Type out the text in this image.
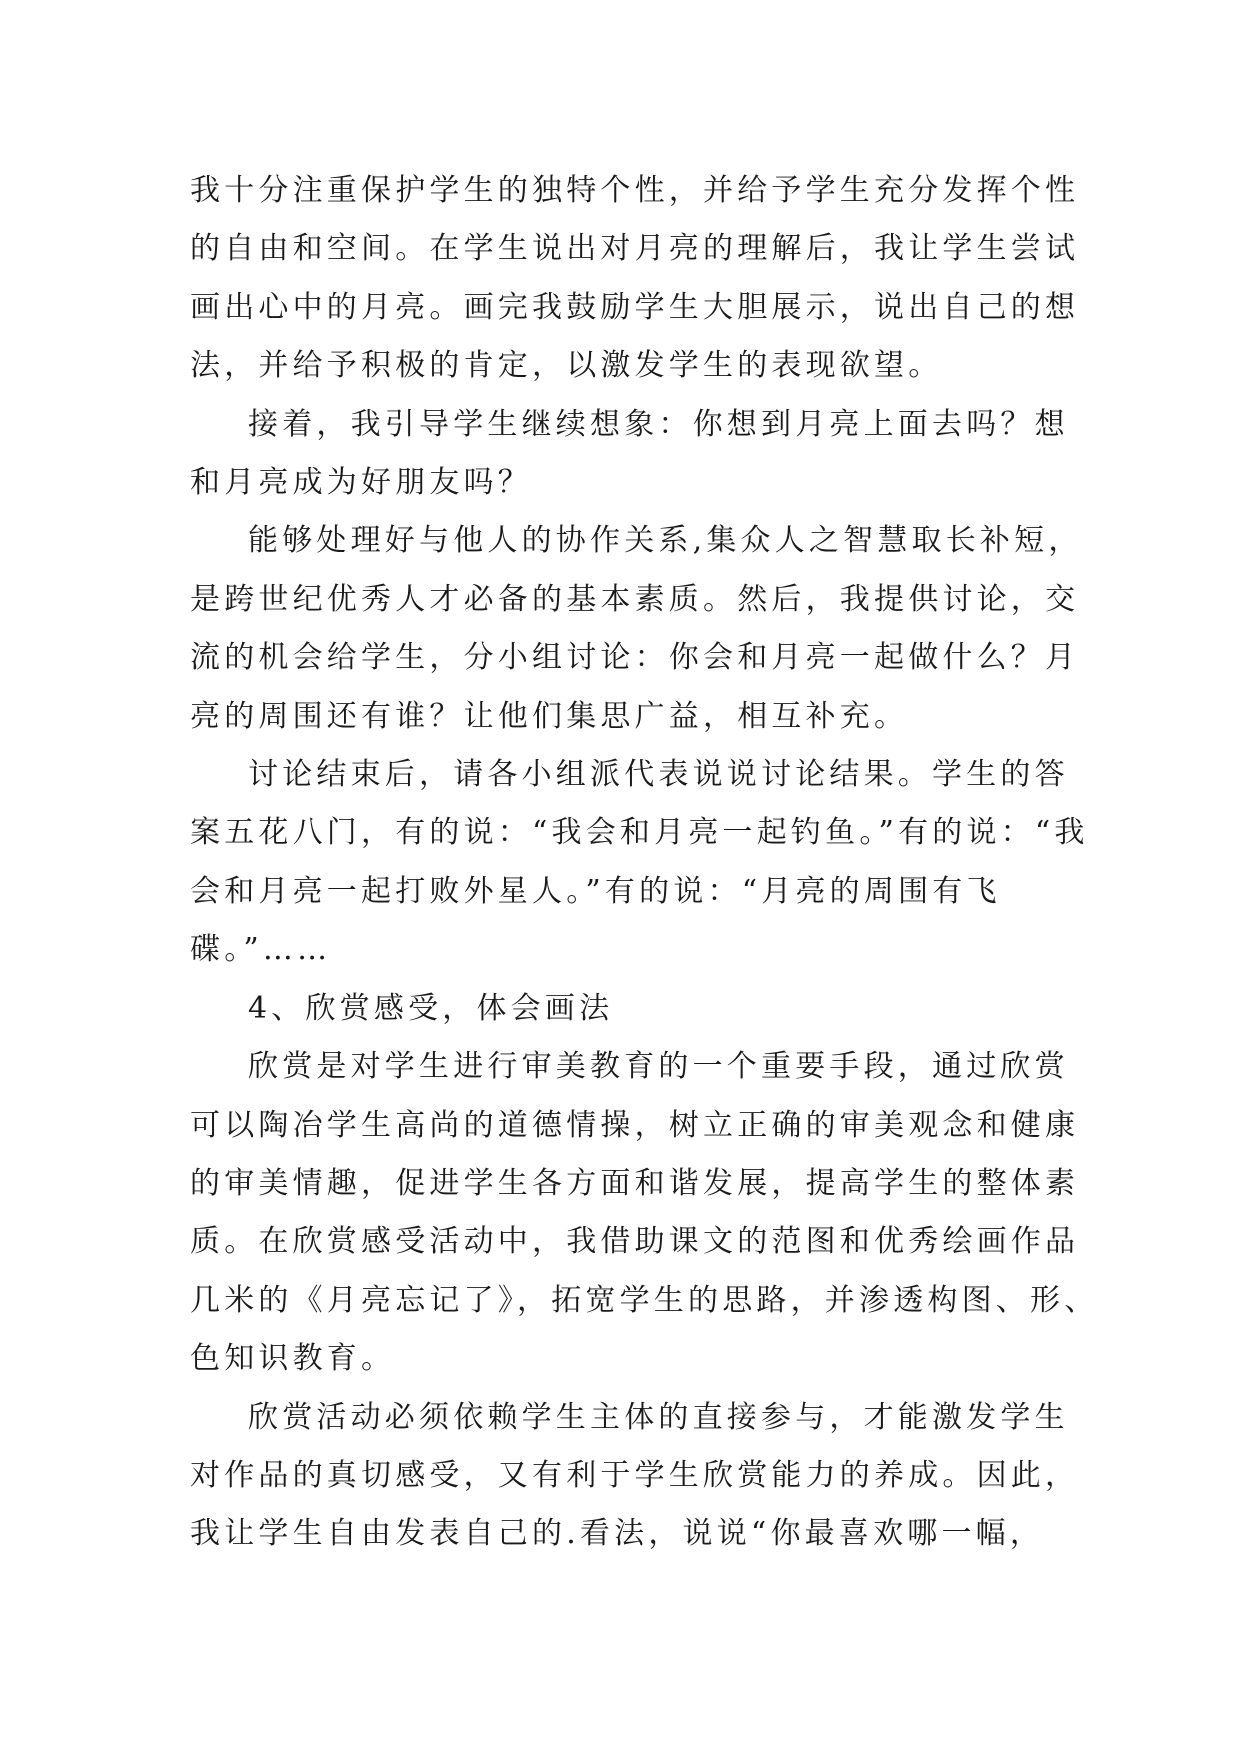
我十分注重保护学生的独特个性，并给予学生充分发挥个性
的自由和空间。在学生说出对月亮的理解后，我让学生尝试
画出心中的月亮。画完我鼓励学生大胆展示，说出自己的想
法，并给予积极的肯定，以激发学生的表现欲望。

接着，我引导学生继续想象：你想到月亮上面去吗？想
和月亮成为好朋友吗？

能够处理好与他人的协作关系,集众人之智慧取长补短，
是跨世纪优秀人才必备的基本素质。然后，我提供讨论，交
流的机会给学生，分小组讨论：你会和月亮一起做什么？月
亮的周围还有谁？让他们集思广益，相互补充。

讨论结束后，请各小组派代表说说讨论结果。学生的答
案五花八门，有的说：“我会和月亮一起钓鱼。”有的说：“我
会和月亮一起打败外星人。”有的说：“月亮的周围有飞
碟。”……

4、欣赏感受，体会画法

欣赏是对学生进行审美教育的一个重要手段，通过欣赏
可以陶冶学生高尚的道德情操，树立正确的审美观念和健康
的审美情趣，促进学生各方面和谐发展，提高学生的整体素
质。在欣赏感受活动中，我借助课文的范图和优秀绘画作品
几米的《月亮忘记了》，拓宽学生的思路，并渗透构图、形、
色知识教育。

欣赏活动必须依赖学生主体的直接参与，才能激发学生
对作品的真切感受，又有利于学生欣赏能力的养成。因此，
我让学生自由发表自己的.看法，说说“你最喜欢哪一幅，
